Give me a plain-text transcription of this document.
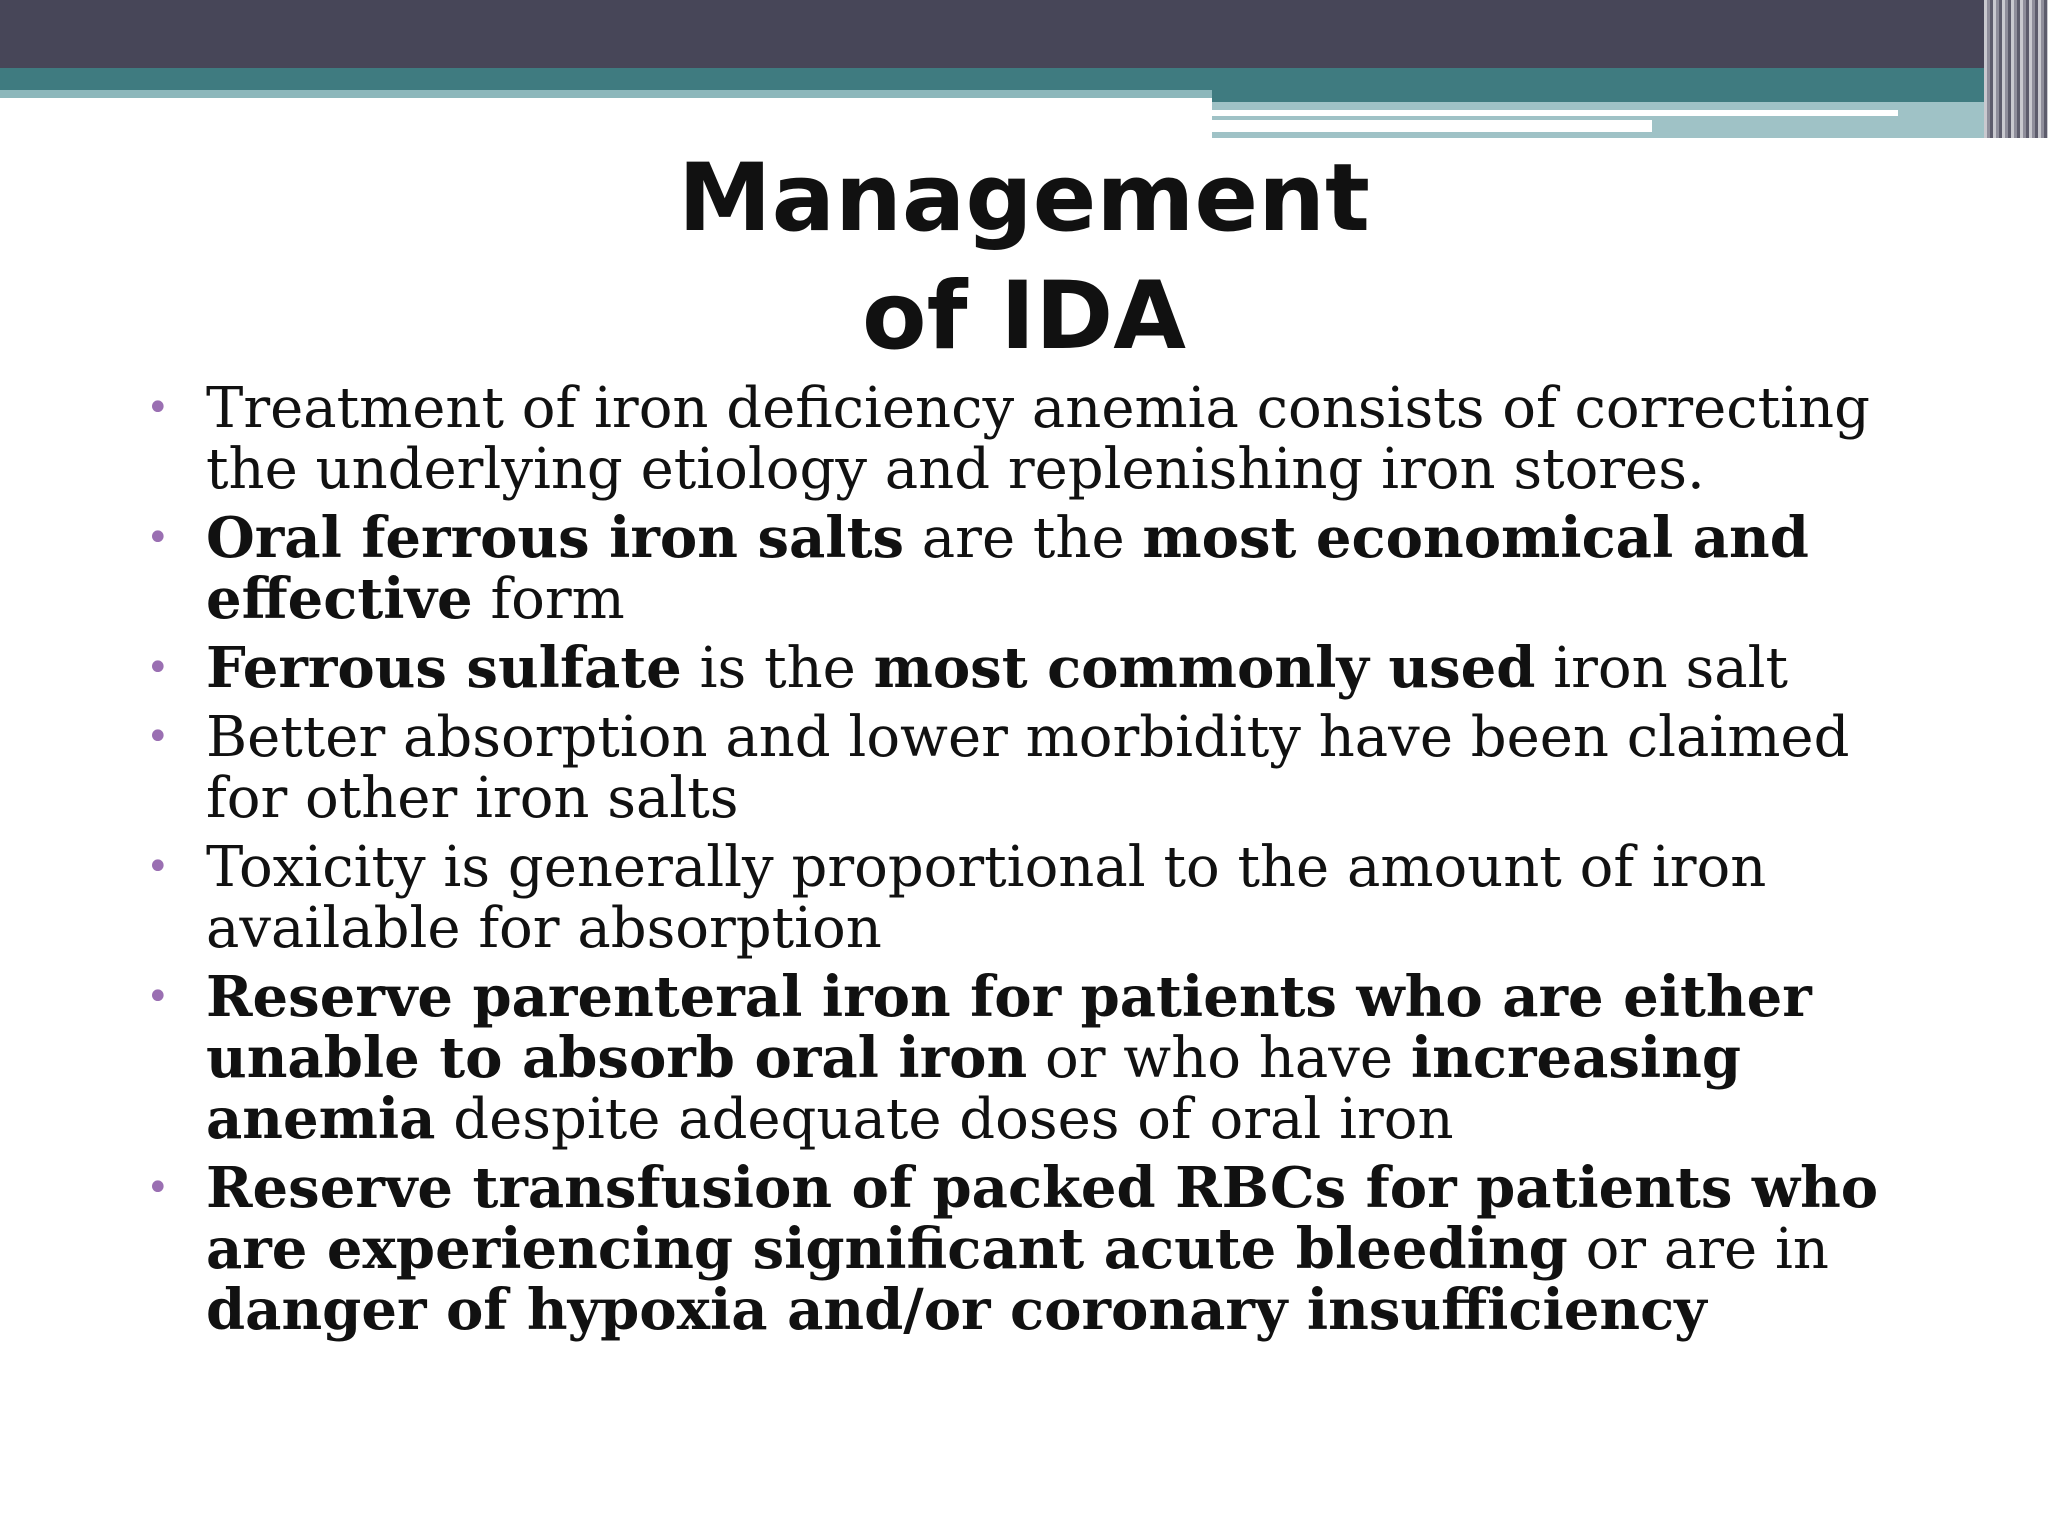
Management
of IDA
• Treatment of iron deficiency anemia consists of correcting the underlying etiology and replenishing iron stores.
• Oral ferrous iron salts are the most economical and effective form
• Ferrous sulfate is the most commonly used iron salt
• Better absorption and lower morbidity have been claimed for other iron salts
• Toxicity is generally proportional to the amount of iron available for absorption
• Reserve parenteral iron for patients who are either unable to absorb oral iron or who have increasing anemia despite adequate doses of oral iron
• Reserve transfusion of packed RBCs for patients who are experiencing significant acute bleeding or are in danger of hypoxia and/or coronary insufficiency
